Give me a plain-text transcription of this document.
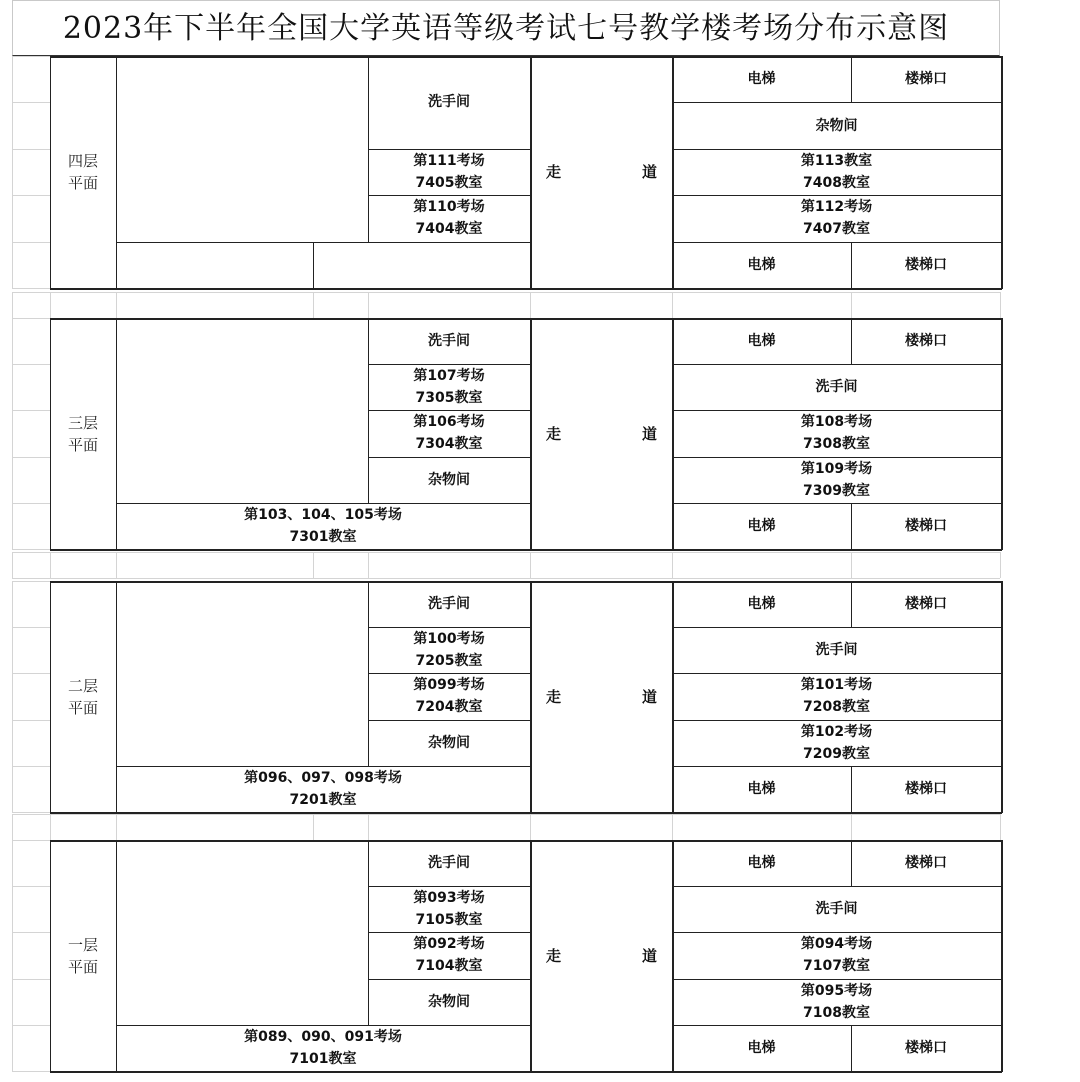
2023年下半年全国大学英语等级考试七号教学楼考场分布示意图
四层
平面
走	道
洗手间
第111考场
7405教室
第110考场
7404教室
电梯	楼梯口
杂物间
第113教室
7408教室
第112考场
7407教室
电梯	楼梯口
三层
平面
走	道
洗手间
第107考场
7305教室
第106考场
7304教室
杂物间
第103、104、105考场
7301教室
电梯	楼梯口
洗手间
第108考场
7308教室
第109考场
7309教室
电梯	楼梯口
二层
平面
走	道
洗手间
第100考场
7205教室
第099考场
7204教室
杂物间
第096、097、098考场
7201教室
电梯	楼梯口
洗手间
第101考场
7208教室
第102考场
7209教室
电梯	楼梯口
一层
平面
走	道
洗手间
第093考场
7105教室
第092考场
7104教室
杂物间
第089、090、091考场
7101教室
电梯	楼梯口
洗手间
第094考场
7107教室
第095考场
7108教室
电梯	楼梯口
